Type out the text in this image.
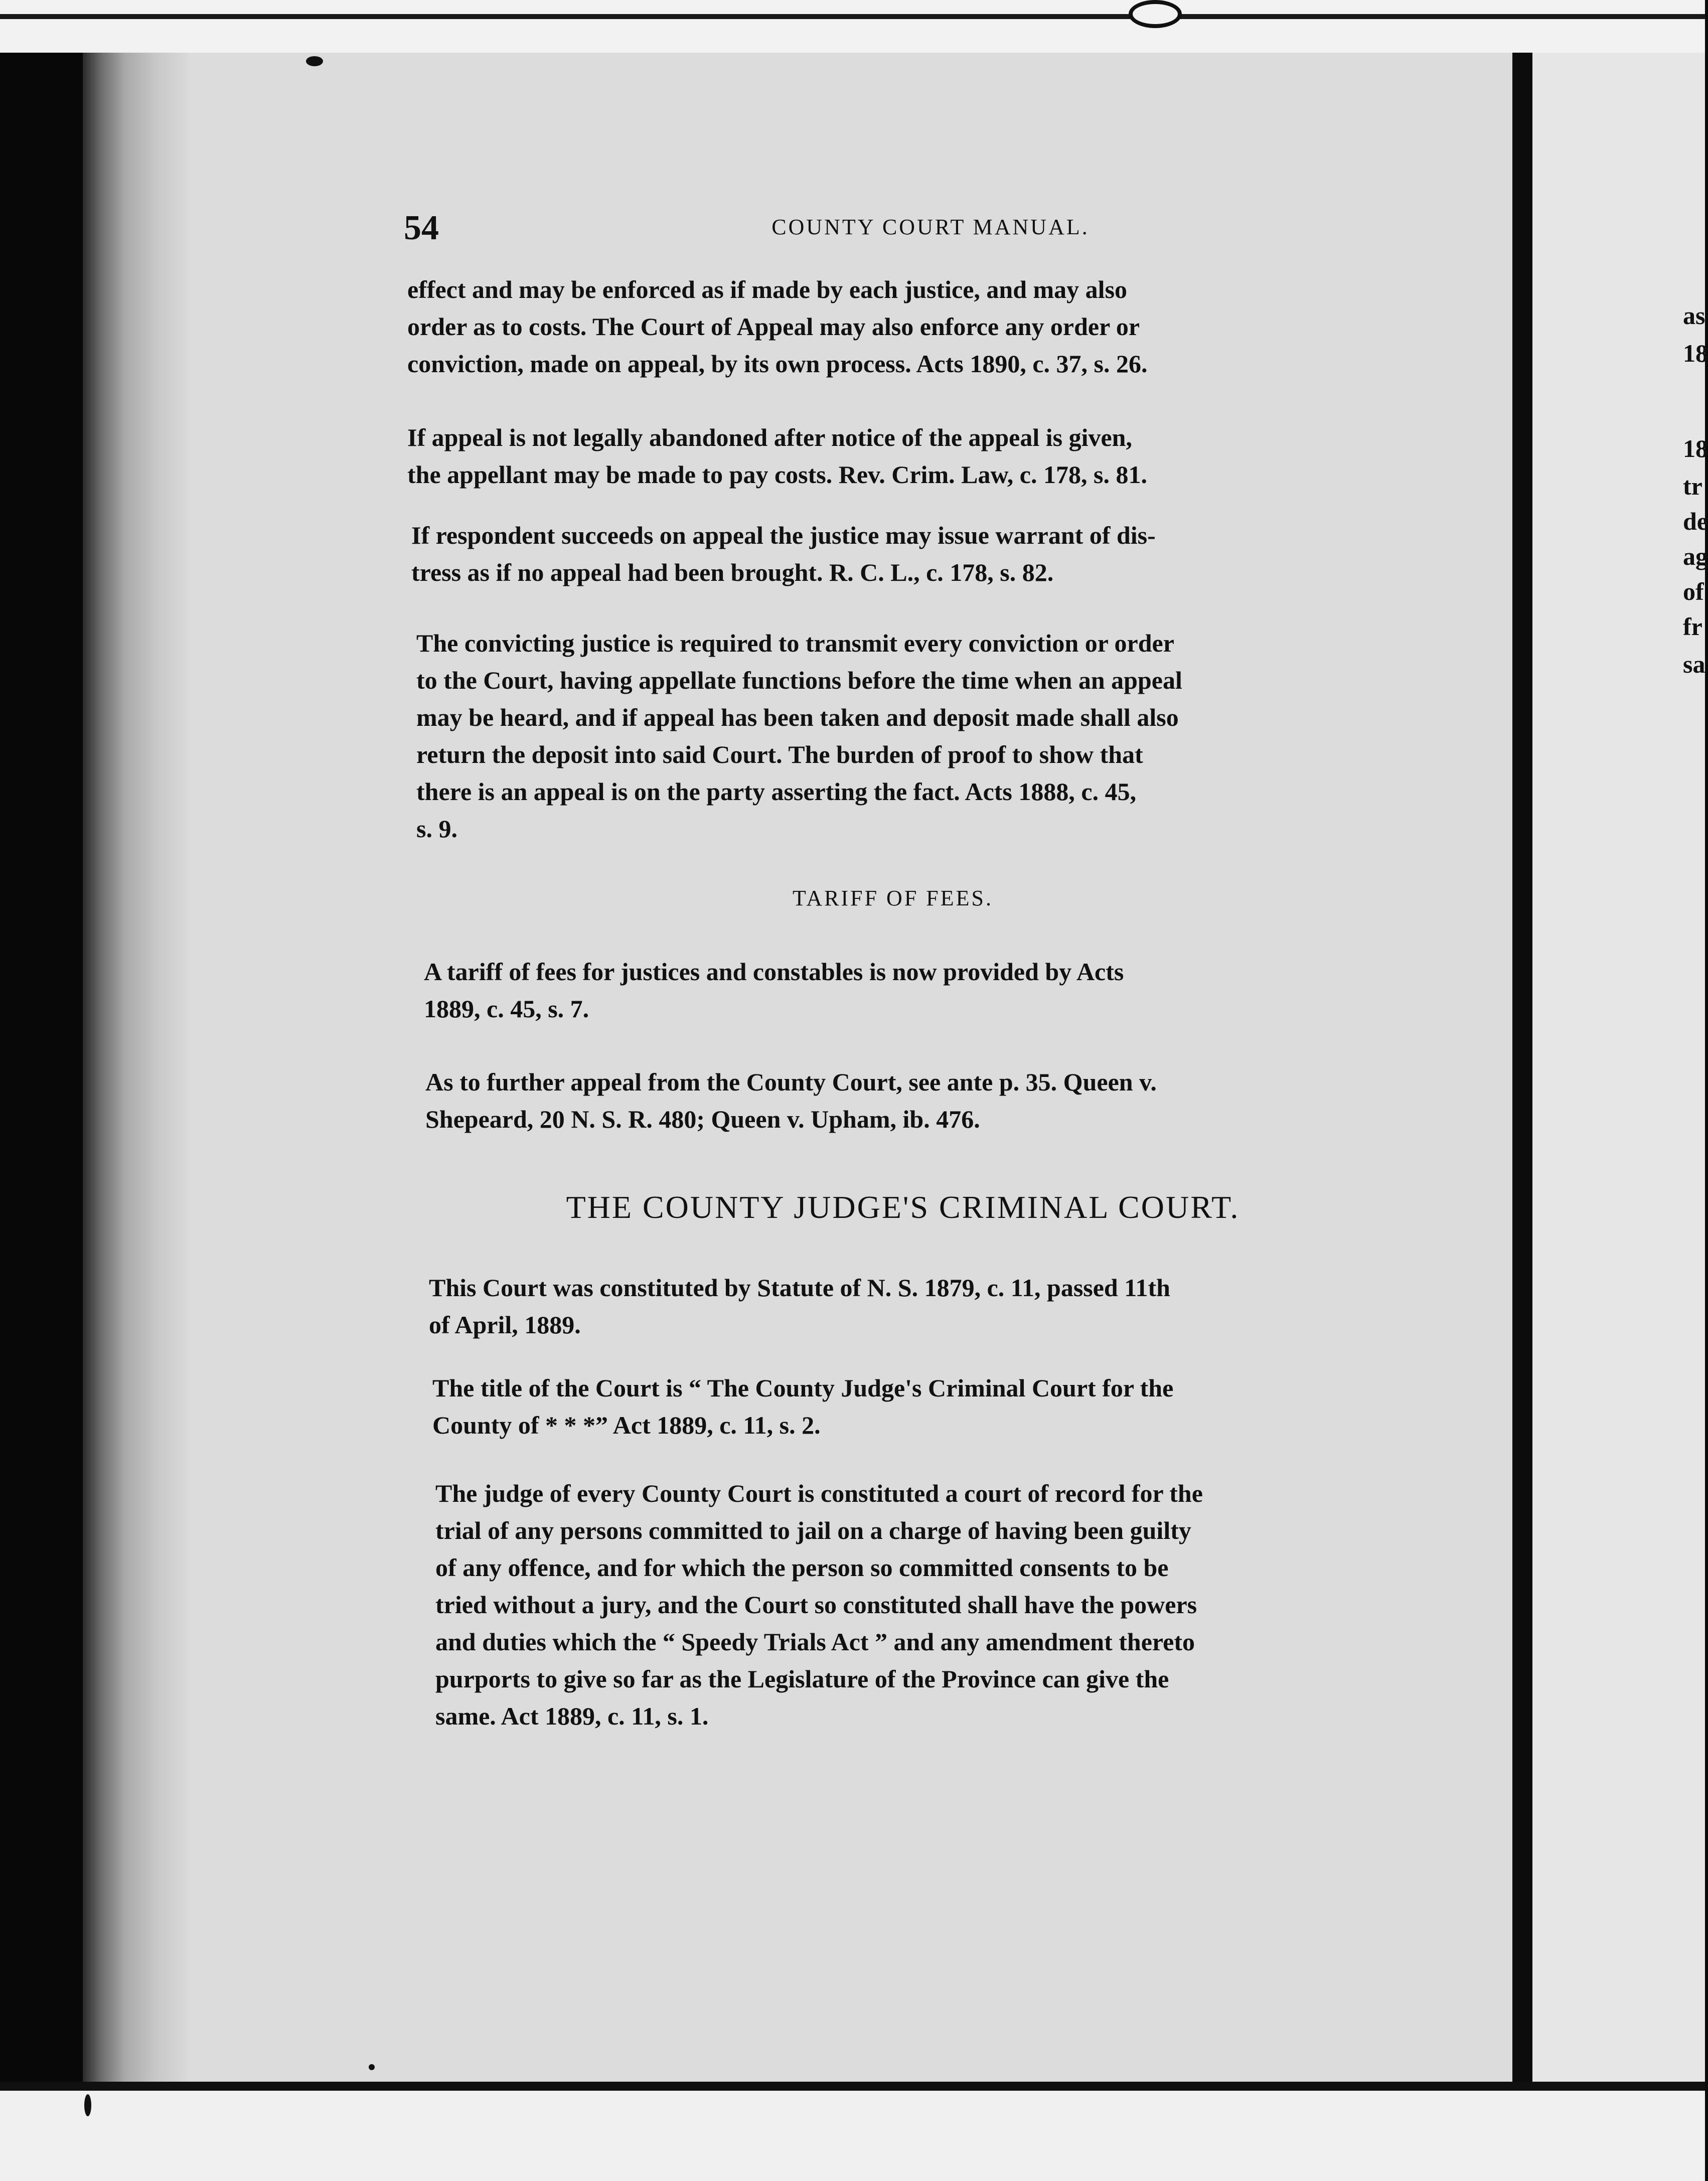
as
18
18
tr
de
ag
of
fr
sa
54	COUNTY COURT MANUAL.
effect and may be enforced as if made by each justice, and may also
order as to costs. The Court of Appeal may also enforce any order or
conviction, made on appeal, by its own process. Acts 1890, c. 37, s. 26.
If appeal is not legally abandoned after notice of the appeal is given,
the appellant may be made to pay costs. Rev. Crim. Law, c. 178, s. 81.
If respondent succeeds on appeal the justice may issue warrant of dis-
tress as if no appeal had been brought. R. C. L., c. 178, s. 82.
The convicting justice is required to transmit every conviction or order
to the Court, having appellate functions before the time when an appeal
may be heard, and if appeal has been taken and deposit made shall also
return the deposit into said Court. The burden of proof to show that
there is an appeal is on the party asserting the fact. Acts 1888, c. 45,
s. 9.
TARIFF OF FEES.
A tariff of fees for justices and constables is now provided by Acts
1889, c. 45, s. 7.
As to further appeal from the County Court, see ante p. 35. Queen v.
Shepeard, 20 N. S. R. 480; Queen v. Upham, ib. 476.
THE COUNTY JUDGE'S CRIMINAL COURT.
This Court was constituted by Statute of N. S. 1879, c. 11, passed 11th
of April, 1889.
The title of the Court is “ The County Judge's Criminal Court for the
County of * * *” Act 1889, c. 11, s. 2.
The judge of every County Court is constituted a court of record for the
trial of any persons committed to jail on a charge of having been guilty
of any offence, and for which the person so committed consents to be
tried without a jury, and the Court so constituted shall have the powers
and duties which the “ Speedy Trials Act ” and any amendment thereto
purports to give so far as the Legislature of the Province can give the
same. Act 1889, c. 11, s. 1.
